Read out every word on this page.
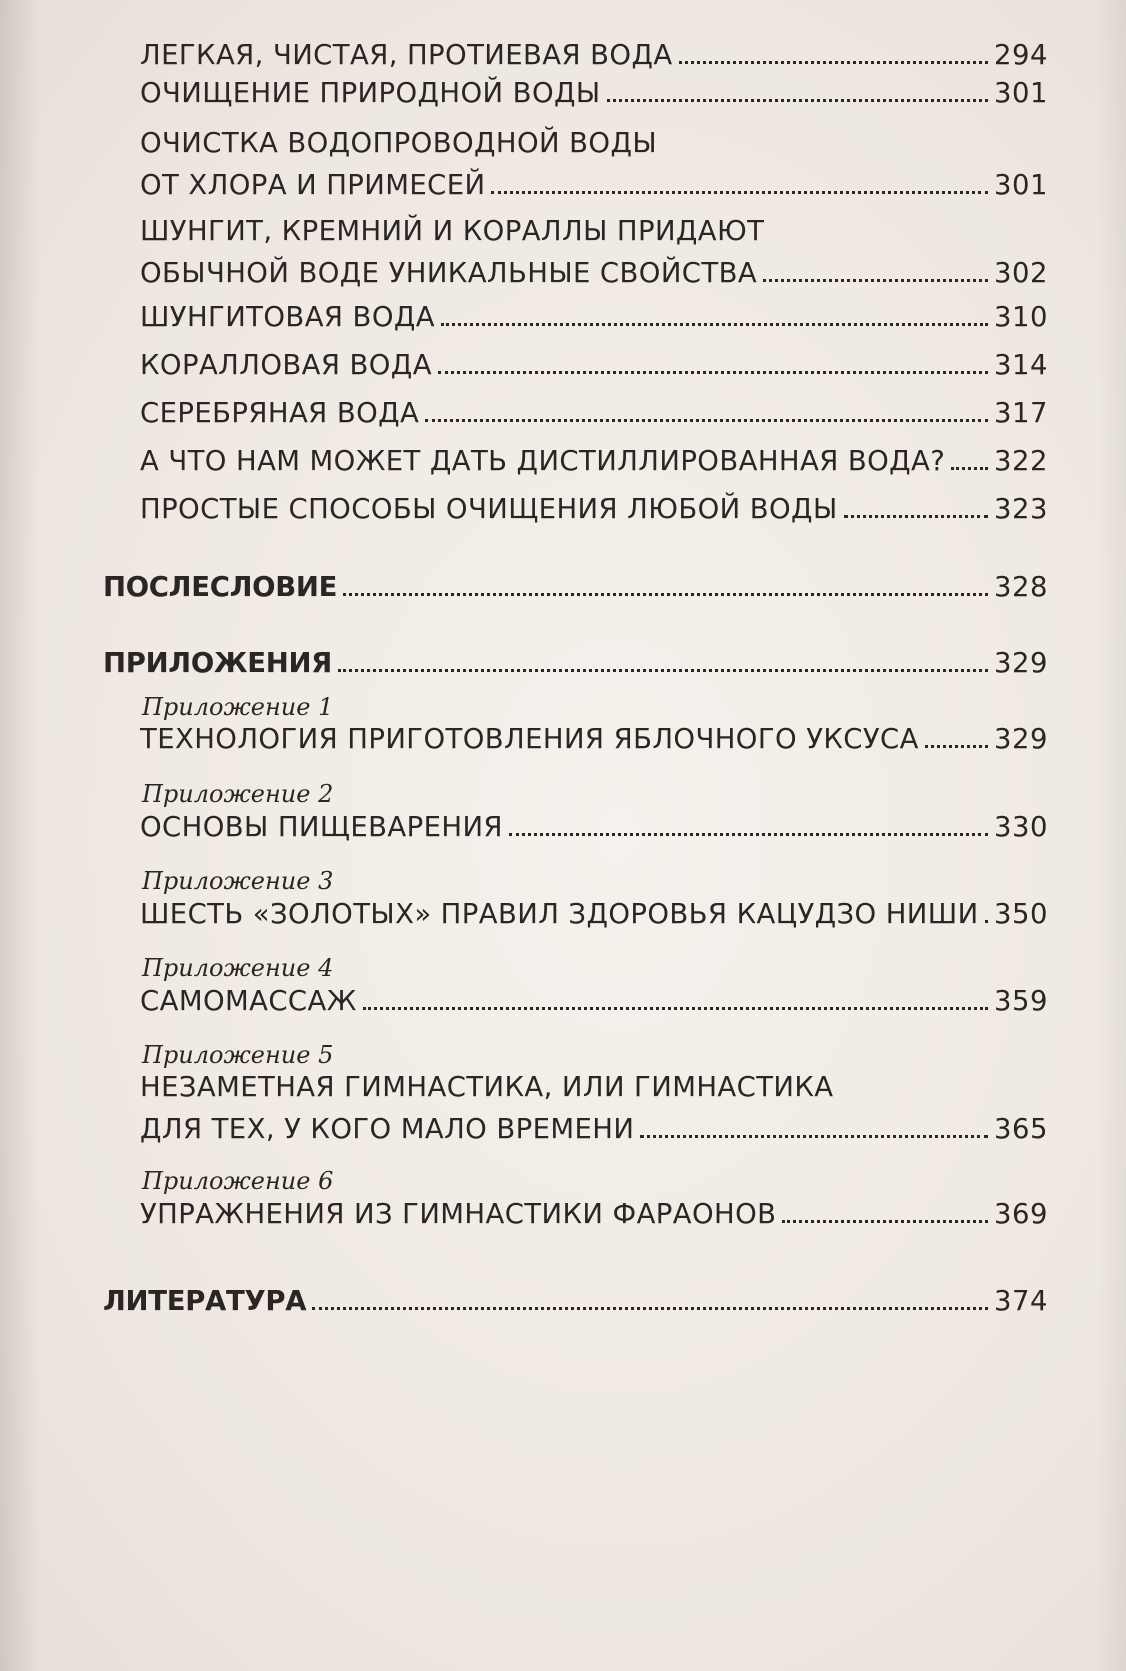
ЛЕГКАЯ, ЧИСТАЯ, ПРОТИЕВАЯ ВОДА	294
ОЧИЩЕНИЕ ПРИРОДНОЙ ВОДЫ	301
ОЧИСТКА ВОДОПРОВОДНОЙ ВОДЫ
ОТ ХЛОРА И ПРИМЕСЕЙ	301
ШУНГИТ, КРЕМНИЙ И КОРАЛЛЫ ПРИДАЮТ
ОБЫЧНОЙ ВОДЕ УНИКАЛЬНЫЕ СВОЙСТВА	302
ШУНГИТОВАЯ ВОДА	310
КОРАЛЛОВАЯ ВОДА	314
СЕРЕБРЯНАЯ ВОДА	317
А ЧТО НАМ МОЖЕТ ДАТЬ ДИСТИЛЛИРОВАННАЯ ВОДА? 322
ПРОСТЫЕ СПОСОБЫ ОЧИЩЕНИЯ ЛЮБОЙ ВОДЫ	323
ПОСЛЕСЛОВИЕ	328
ПРИЛОЖЕНИЯ	329
Приложение 1
ТЕХНОЛОГИЯ ПРИГОТОВЛЕНИЯ ЯБЛОЧНОГО УКСУСА	329
Приложение 2
ОСНОВЫ ПИЩЕВАРЕНИЯ	330
Приложение 3
ШЕСТЬ «ЗОЛОТЫХ» ПРАВИЛ ЗДОРОВЬЯ КАЦУДЗО НИШИ 350
Приложение 4
САМОМАССАЖ	359
Приложение 5
НЕЗАМЕТНАЯ ГИМНАСТИКА, ИЛИ ГИМНАСТИКА
ДЛЯ ТЕХ, У КОГО МАЛО ВРЕМЕНИ	365
Приложение 6
УПРАЖНЕНИЯ ИЗ ГИМНАСТИКИ ФАРАОНОВ	369
ЛИТЕРАТУРА	374
